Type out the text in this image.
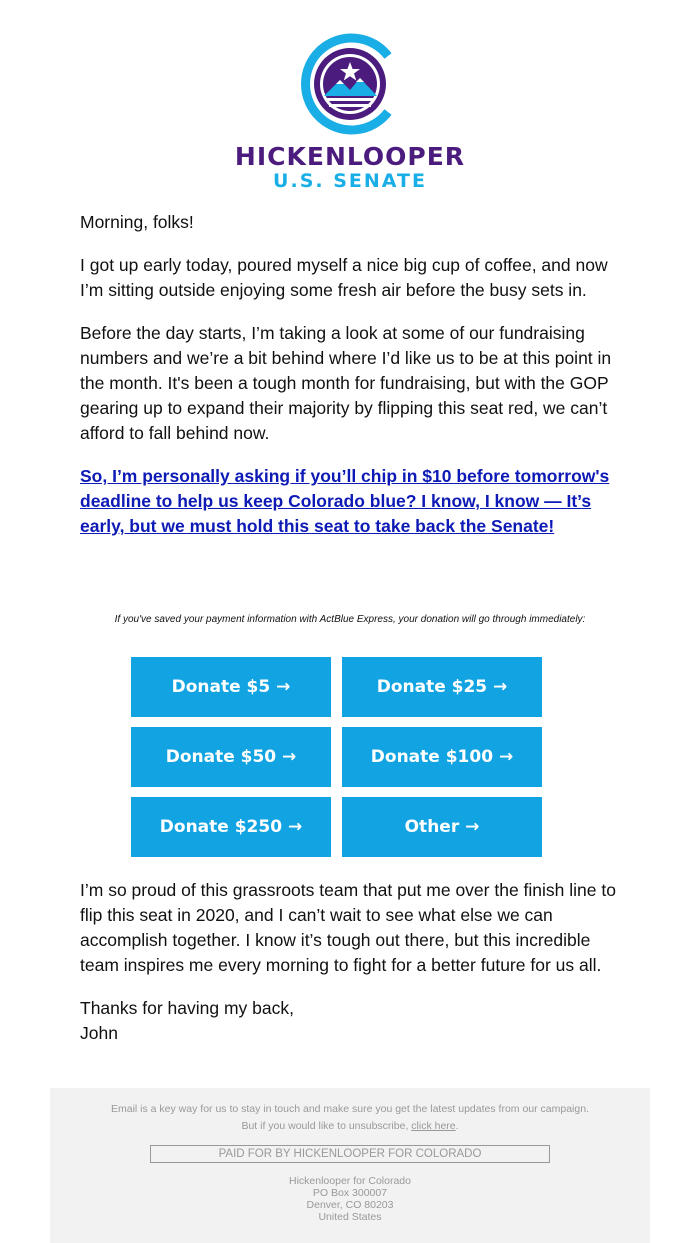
HICKENLOOPER
U.S. SENATE

Morning, folks!

I got up early today, poured myself a nice big cup of coffee, and now I’m sitting outside enjoying some fresh air before the busy sets in.

Before the day starts, I’m taking a look at some of our fundraising numbers and we’re a bit behind where I’d like us to be at this point in the month. It's been a tough month for fundraising, but with the GOP gearing up to expand their majority by flipping this seat red, we can’t afford to fall behind now.

So, I’m personally asking if you’ll chip in $10 before tomorrow's deadline to help us keep Colorado blue? I know, I know — It’s early, but we must hold this seat to take back the Senate!
If you've saved your payment information with ActBlue Express, your donation will go through immediately:
Donate $5 →	Donate $25 →
Donate $50 →	Donate $100 →
Donate $250 →	Other →

I’m so proud of this grassroots team that put me over the finish line to flip this seat in 2020, and I can’t wait to see what else we can accomplish together. I know it’s tough out there, but this incredible team inspires me every morning to fight for a better future for us all.

Thanks for having my back,
John

Email is a key way for us to stay in touch and make sure you get the latest updates from our campaign.
But if you would like to unsubscribe, click here.
PAID FOR BY HICKENLOOPER FOR COLORADO
Hickenlooper for Colorado
PO Box 300007
Denver, CO 80203
United States
